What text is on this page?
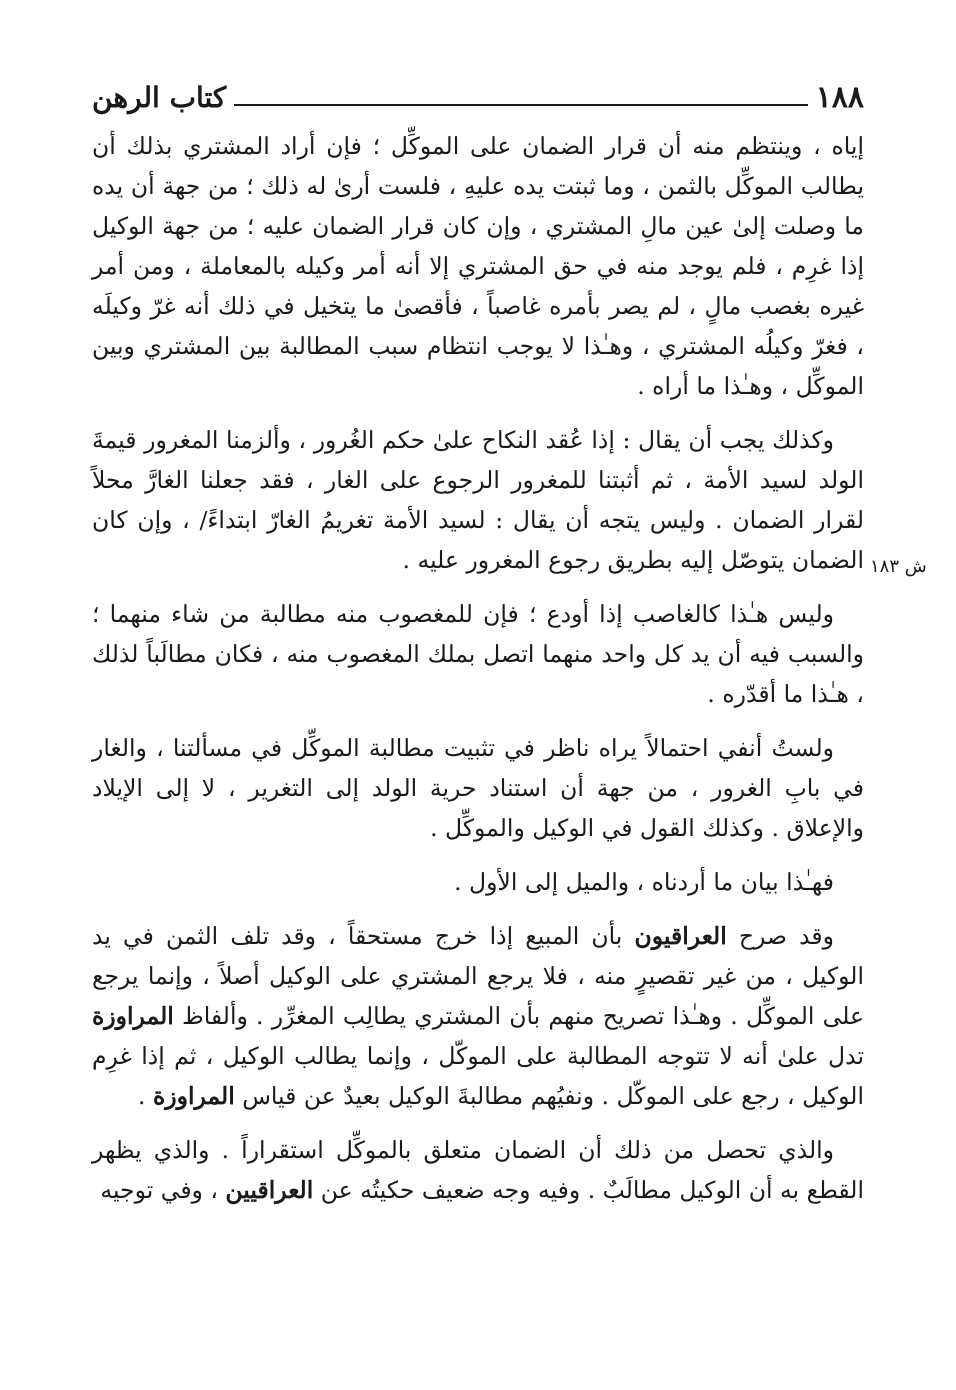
١٨٨
كتاب الرهن
ش ١٨٣

إياه ، وينتظم منه أن قرار الضمان على الموكِّل ؛ فإن أراد المشتري بذلك أن يطالب الموكِّل بالثمن ، وما ثبتت يده عليهِ ، فلست أرىٰ له ذلك ؛ من جهة أن يده ما وصلت إلىٰ عين مالِ المشتري ، وإن كان قرار الضمان عليه ؛ من جهة الوكيل إذا غرِم ، فلم يوجد منه في حق المشتري إلا أنه أمر وكيله بالمعاملة ، ومن أمر غيره بغصب مالٍ ، لم يصر بأمره غاصباً ، فأقصىٰ ما يتخيل في ذلك أنه غرّ وكيلَه ، فغرّ وكيلُه المشتري ، وهـٰذا لا يوجب انتظام سبب المطالبة بين المشتري وبين الموكِّل ، وهـٰذا ما أراه .

وكذلك يجب أن يقال : إذا عُقد النكاح علىٰ حكم الغُرور ، وألزمنا المغرور قيمةَ الولد لسيد الأمة ، ثم أثبتنا للمغرور الرجوع على الغار ، فقد جعلنا الغارَّ محلاً لقرار الضمان . وليس يتجه أن يقال : لسيد الأمة تغريمُ الغارّ ابتداءً/ ، وإن كان الضمان يتوصّل إليه بطريق رجوع المغرور عليه .

وليس هـٰذا كالغاصب إذا أودع ؛ فإن للمغصوب منه مطالبة من شاء منهما ؛ والسبب فيه أن يد كل واحد منهما اتصل بملك المغصوب منه ، فكان مطالَباً لذلك ، هـٰذا ما أقدّره .

ولستُ أنفي احتمالاً يراه ناظر في تثبيت مطالبة الموكِّل في مسألتنا ، والغار في بابِ الغرور ، من جهة أن استناد حرية الولد إلى التغرير ، لا إلى الإيلاد والإعلاق . وكذلك القول في الوكيل والموكِّل .

فهـٰذا بيان ما أردناه ، والميل إلى الأول .

وقد صرح العراقيون بأن المبيع إذا خرج مستحقاً ، وقد تلف الثمن في يد الوكيل ، من غير تقصيرٍ منه ، فلا يرجع المشتري على الوكيل أصلاً ، وإنما يرجع على الموكِّل . وهـٰذا تصريح منهم بأن المشتري يطالِب المغرِّر . وألفاظ المراوزة تدل علىٰ أنه لا تتوجه المطالبة على الموكّل ، وإنما يطالب الوكيل ، ثم إذا غرِم الوكيل ، رجع على الموكّل . ونفيُهم مطالبةَ الوكيل بعيدٌ عن قياس المراوزة .

والذي تحصل من ذلك أن الضمان متعلق بالموكِّل استقراراً . والذي يظهر القطع به أن الوكيل مطالَبٌ . وفيه وجه ضعيف حكيتُه عن العراقيين ، وفي توجيه
